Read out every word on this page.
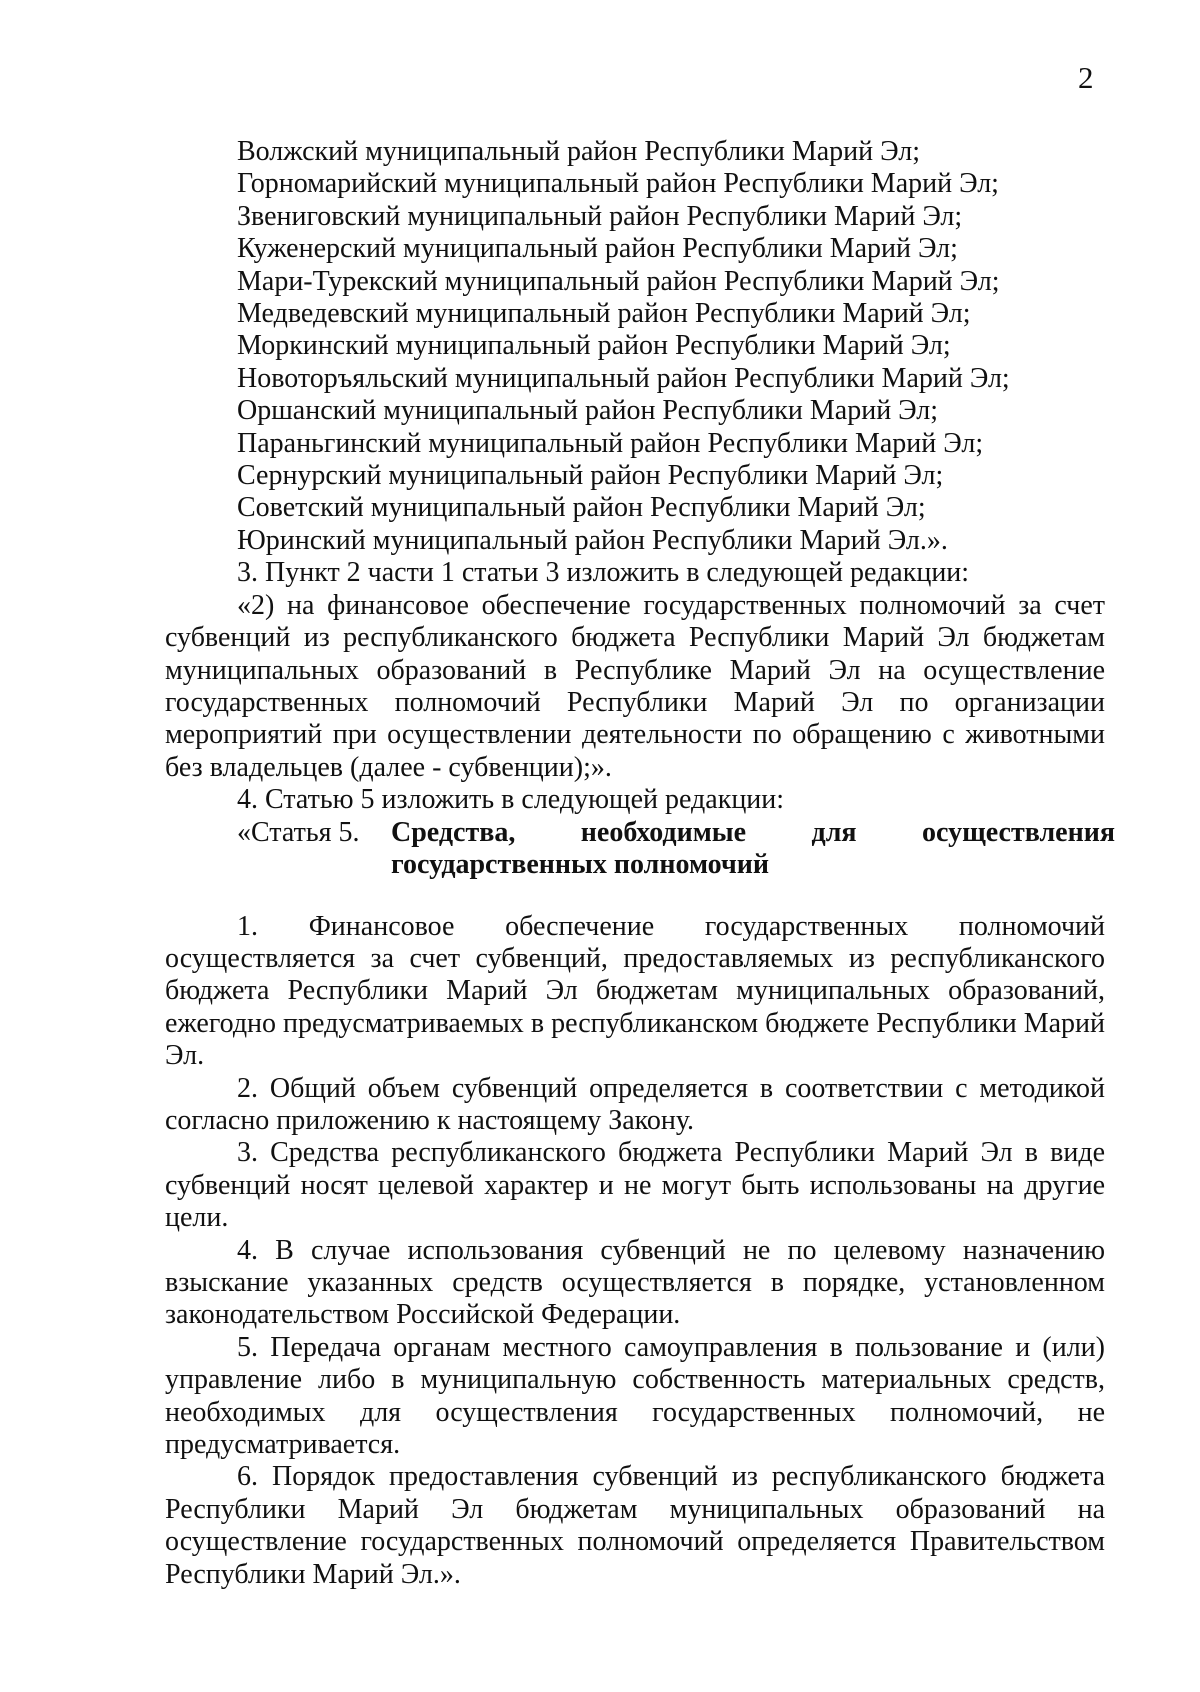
2
Волжский муниципальный район Республики Марий Эл;
Горномарийский муниципальный район Республики Марий Эл;
Звениговский муниципальный район Республики Марий Эл;
Куженерский муниципальный район Республики Марий Эл;
Мари-Турекский муниципальный район Республики Марий Эл;
Медведевский муниципальный район Республики Марий Эл;
Моркинский муниципальный район Республики Марий Эл;
Новоторъяльский муниципальный район Республики Марий Эл;
Оршанский муниципальный район Республики Марий Эл;
Параньгинский муниципальный район Республики Марий Эл;
Сернурский муниципальный район Республики Марий Эл;
Советский муниципальный район Республики Марий Эл;
Юринский муниципальный район Республики Марий Эл.».
3. Пункт 2 части 1 статьи 3 изложить в следующей редакции:

«2) на финансовое обеспечение государственных полномочий за счет субвенций из республиканского бюджета Республики Марий Эл бюджетам муниципальных образований в Республике Марий Эл на осуществление государственных полномочий Республики Марий Эл по организации мероприятий при осуществлении деятельности по обращению с животными без владельцев (далее - субвенции);».

4. Статью 5 изложить в следующей редакции:
«Статья 5. Средства, необходимые для осуществления
государственных полномочий

1. Финансовое обеспечение государственных полномочий осуществляется за счет субвенций, предоставляемых из республиканского бюджета Республики Марий Эл бюджетам муниципальных образований, ежегодно предусматриваемых в республиканском бюджете Республики Марий Эл.

2. Общий объем субвенций определяется в соответствии с методикой согласно приложению к настоящему Закону.

3. Средства республиканского бюджета Республики Марий Эл в виде субвенций носят целевой характер и не могут быть использованы на другие цели.

4. В случае использования субвенций не по целевому назначению взыскание указанных средств осуществляется в порядке, установленном законодательством Российской Федерации.

5. Передача органам местного самоуправления в пользование и (или) управление либо в муниципальную собственность материальных средств, необходимых для осуществления государственных полномочий, не предусматривается.

6. Порядок предоставления субвенций из республиканского бюджета Республики Марий Эл бюджетам муниципальных образований на осуществление государственных полномочий определяется Правительством Республики Марий Эл.».
